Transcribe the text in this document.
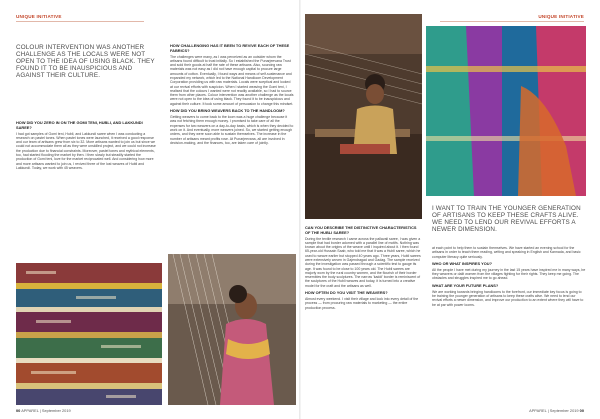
UNIQUE INITIATIVE
COLOUR INTERVENTION WAS ANOTHER CHALLENGE AS THE LOCALS WERE NOT OPEN TO THE IDEA OF USING BLACK. THEY FOUND IT TO BE INAUSPICIOUS AND AGAINST THEIR CULTURE.
HOW DID YOU ZERO IN ON THE GOMI TENI, HUBLI, AND LAKKUNDI SAREE?

I had got samples of Gomi teni, Hubli, and Lakkundi saree when I was conducting a research on pastel tones. When pastel tones were launched, it received a good response and our team of artisans grew from six to 32. More artisans wanted to join us but since we could not accommodate them all as they were unskilled project, and we could not increase the production due to financial constraints. Moreover, pastel tones and mythical elements, too, had started flooding the market by then. I then slowly but steadily started the production of Gomi teni, love for the market reciprocated well. And considering how more and more artisans wanted to join us, I revived three of the lost weaves of Hubli and Lakkundi. Today, we work with 45 weavers.

HOW CHALLENGING HAS IT BEEN TO REVIVE EACH OF THESE FABRICS?

The challenges were many, as I was perceived as an outsider whom the artisans found difficult to trust initially. So I established the Punarjeevana Trust and sold their goods at half the rate of these artisans. Also, sourcing raw materials was not easy as I did not have enough capital to procure large amounts of cotton. Eventually, I found ways and means of self-sustenance and expanded my network, which led to the National Handloom Development Corporation providing us with raw materials. Locals were sceptical and looked at our revival efforts with suspicion. When I started weaving the Gomi teni, I realised that the colours I wanted were not readily available, so I had to source them from other places. Colour intervention was another challenge as the locals were not open to the idea of using black. They found it to be inauspicious and against their culture. It took some amount of persuasion to change this mindset.

HOW DID YOU BRING WEAVERS BACK TO THE HANDLOOM?

Getting weavers to come back to the loom was a huge challenge because it was not fetching them enough money. I promised to take care of all the expenses for two weavers on a day-to-day basis, which is when they decided to work on it. And eventually, more weavers joined. So, we started getting enough orders, and they were soon able to sustain themselves. The increase in the number of artisans meant profits rose. At Punarjeevana, all are involved in decision-making, and the finances, too, are taken care of jointly.

00 APPAREL | September 2019
UNIQUE INITIATIVE
I WANT TO TRAIN THE YOUNGER GENERATION OF ARTISANS TO KEEP THESE CRAFTS ALIVE. WE NEED TO LEND OUR REVIVAL EFFORTS A NEWER DIMENSION.
CAN YOU DESCRIBE THE DISTINCTIVE CHARACTERISTICS OF THE HUBLI SAREE?

During the textile research I came across the pallavali saree, I was given a sample that had border adorned with a parallel line of motifs. Nothing was known about the origins of the weave until I inquired about it. I then found 65-year-old Hussain Saab, who told me that it was a Hubli saree, which he used to weave earlier but stopped 40 years ago. Three years, Hubli sarees were extensively woven in Gajendragad and Gadag. The sample received during the investigation was passed through a scientific test to gauge its age. It was found to be close to 100 years old. The Hubli sarees are majorly worn by the rural country women, and the flourish of their border resembles the body sculptures. The narrow 'kaddi' border is reminiscent of the sculptures of the Hubli weaves and today, it is turned into a creative model for the craft and the artisans as well.

HOW OFTEN DO YOU VISIT THE WEAVERS?

Almost every weekend. I visit their village and look into every detail of the process — from procuring raw materials to marketing — the entire production process.

at each point to help them to sustain themselves. We have started an evening school for the artisans in order to teach them reading, writing and speaking in English and Kannada, and basic computer literacy quite seriously.

WHO OR WHAT INSPIRES YOU?

All the people I have met during my journey in the last 15 years have inspired me in many ways, be they weavers or dalit women from the villages fighting for their rights. They keep me going. The obstacles and struggles inspired me to go ahead.

WHAT ARE YOUR FUTURE PLANS?

We are working towards bringing handlooms to the forefront, our immediate key focus is going to be training the younger generation of artisans to keep these crafts alive. We need to lend our revival efforts a newer dimension, and improve our production to an extent where they will have to be at par with power looms.

APPAREL | September 2019 00
